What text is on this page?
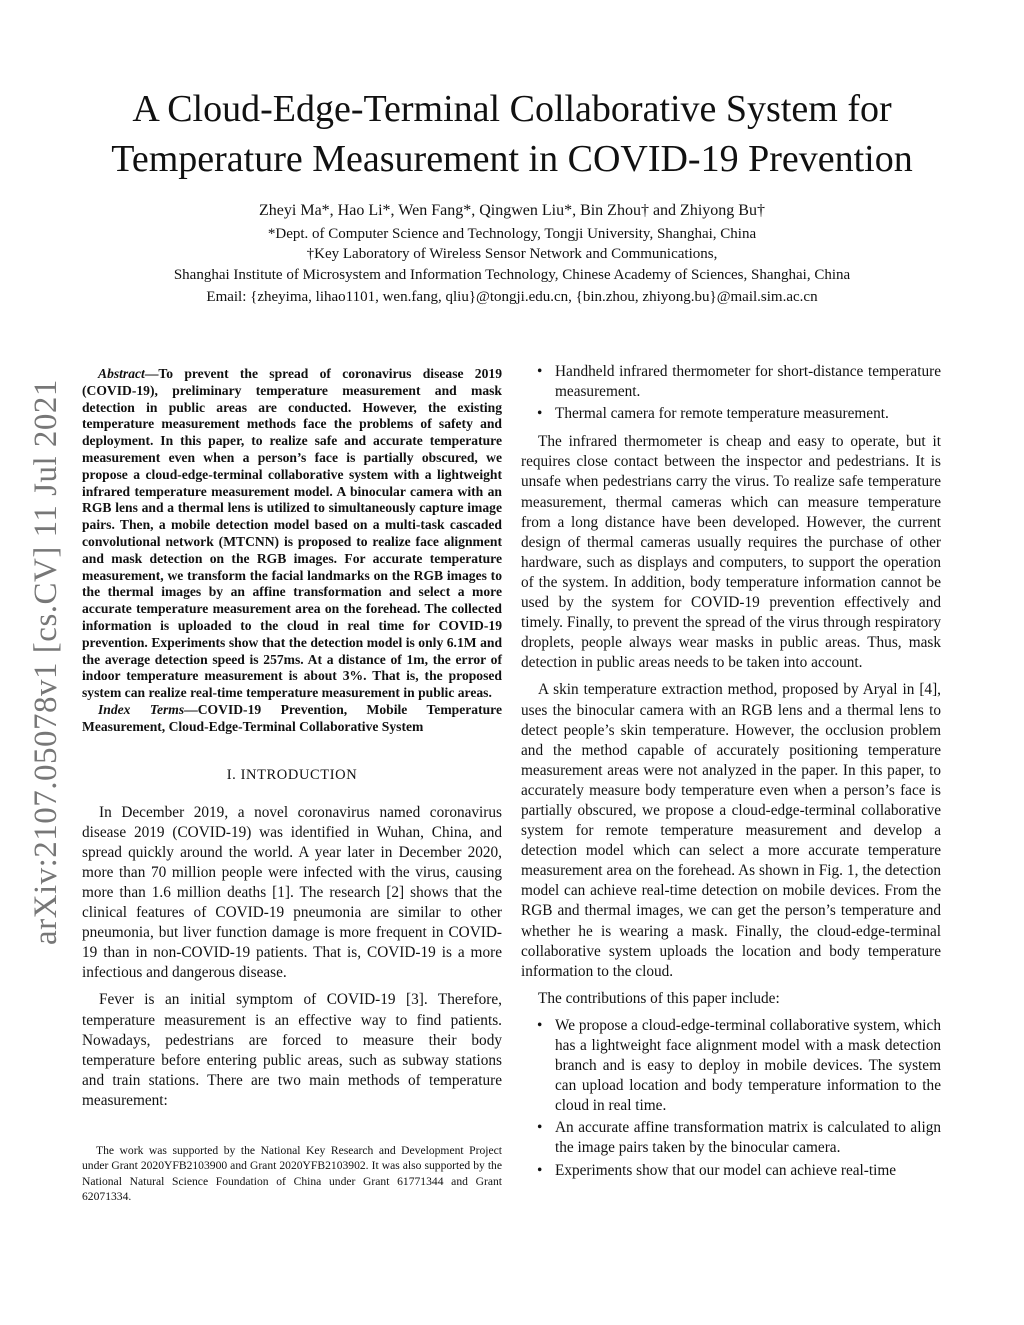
A Cloud-Edge-Terminal Collaborative System for
Temperature Measurement in COVID-19 Prevention
Zheyi Ma*, Hao Li*, Wen Fang*, Qingwen Liu*, Bin Zhou† and Zhiyong Bu†
*Dept. of Computer Science and Technology, Tongji University, Shanghai, China
†Key Laboratory of Wireless Sensor Network and Communications,
Shanghai Institute of Microsystem and Information Technology, Chinese Academy of Sciences, Shanghai, China
Email: {zheyima, lihao1101, wen.fang, qliu}@tongji.edu.cn, {bin.zhou, zhiyong.bu}@mail.sim.ac.cn
arXiv:2107.05078v1 [cs.CV] 11 Jul 2021

Abstract—To prevent the spread of coronavirus disease 2019 (COVID-19), preliminary temperature measurement and mask detection in public areas are conducted. However, the existing temperature measurement methods face the problems of safety and deployment. In this paper, to realize safe and accurate temperature measurement even when a person’s face is partially obscured, we propose a cloud-edge-terminal collaborative system with a lightweight infrared temperature measurement model. A binocular camera with an RGB lens and a thermal lens is utilized to simultaneously capture image pairs. Then, a mobile detection model based on a multi-task cascaded convolutional network (MTCNN) is proposed to realize face alignment and mask detection on the RGB images. For accurate temperature measurement, we transform the facial landmarks on the RGB images to the thermal images by an affine transformation and select a more accurate temperature measurement area on the forehead. The collected information is uploaded to the cloud in real time for COVID-19 prevention. Experiments show that the detection model is only 6.1M and the average detection speed is 257ms. At a distance of 1m, the error of indoor temperature measurement is about 3%. That is, the proposed system can realize real-time temperature measurement in public areas.

Index Terms—COVID-19 Prevention, Mobile Temperature Measurement, Cloud-Edge-Terminal Collaborative System

I. INTRODUCTION

In December 2019, a novel coronavirus named coronavirus disease 2019 (COVID-19) was identified in Wuhan, China, and spread quickly around the world. A year later in December 2020, more than 70 million people were infected with the virus, causing more than 1.6 million deaths [1]. The research [2] shows that the clinical features of COVID-19 pneumonia are similar to other pneumonia, but liver function damage is more frequent in COVID-19 than in non-COVID-19 patients. That is, COVID-19 is a more infectious and dangerous disease.

Fever is an initial symptom of COVID-19 [3]. Therefore, temperature measurement is an effective way to find patients. Nowadays, pedestrians are forced to measure their body temperature before entering public areas, such as subway stations and train stations. There are two main methods of temperature measurement:

The work was supported by the National Key Research and Development Project under Grant 2020YFB2103900 and Grant 2020YFB2103902. It was also supported by the National Natural Science Foundation of China under Grant 61771344 and Grant 62071334.
• Handheld infrared thermometer for short-distance temperature measurement.
• Thermal camera for remote temperature measurement.

The infrared thermometer is cheap and easy to operate, but it requires close contact between the inspector and pedestrians. It is unsafe when pedestrians carry the virus. To realize safe temperature measurement, thermal cameras which can measure temperature from a long distance have been developed. However, the current design of thermal cameras usually requires the purchase of other hardware, such as displays and computers, to support the operation of the system. In addition, body temperature information cannot be used by the system for COVID-19 prevention effectively and timely. Finally, to prevent the spread of the virus through respiratory droplets, people always wear masks in public areas. Thus, mask detection in public areas needs to be taken into account.

A skin temperature extraction method, proposed by Aryal in [4], uses the binocular camera with an RGB lens and a thermal lens to detect people’s skin temperature. However, the occlusion problem and the method capable of accurately positioning temperature measurement areas were not analyzed in the paper. In this paper, to accurately measure body temperature even when a person’s face is partially obscured, we propose a cloud-edge-terminal collaborative system for remote temperature measurement and develop a detection model which can select a more accurate temperature measurement area on the forehead. As shown in Fig. 1, the detection model can achieve real-time detection on mobile devices. From the RGB and thermal images, we can get the person’s temperature and whether he is wearing a mask. Finally, the cloud-edge-terminal collaborative system uploads the location and body temperature information to the cloud.

The contributions of this paper include:

• We propose a cloud-edge-terminal collaborative system, which has a lightweight face alignment model with a mask detection branch and is easy to deploy in mobile devices. The system can upload location and body temperature information to the cloud in real time.
• An accurate affine transformation matrix is calculated to align the image pairs taken by the binocular camera.
• Experiments show that our model can achieve real-time
